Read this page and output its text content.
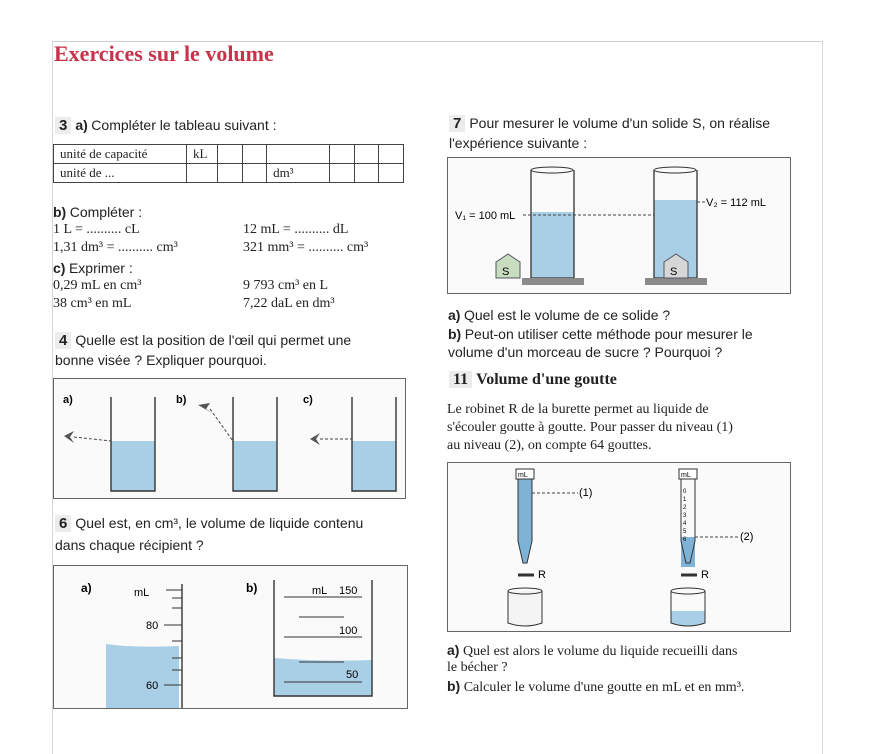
Exercices sur le volume
3 a) Compléter le tableau suivant :
unité de capacité	kL						
unité de ...				dm³			
b) Compléter :
1 L = .......... cL	12 mL = .......... dL
1,31 dm³ = .......... cm³	321 mm³ = .......... cm³
c) Exprimer :
0,29 mL en cm³	9 793 cm³ en L
38 cm³ en mL	7,22 daL en dm³
4 Quelle est la position de l'œil qui permet une
bonne visée ? Expliquer pourquoi.
a)	b)	c)
6 Quel est, en cm³, le volume de liquide contenu
dans chaque récipient ?
a)	mL
80
60
b)	mL 150
100
50
7 Pour mesurer le volume d'un solide S, on réalise
l'expérience suivante :
V₁ = 100 mL
V₂ = 112 mL
S	S
a) Quel est le volume de ce solide ?
b) Peut-on utiliser cette méthode pour mesurer le
volume d'un morceau de sucre ? Pourquoi ?
11 Volume d'une goutte
Le robinet R de la burette permet au liquide de
s'écouler goutte à goutte. Pour passer du niveau (1)
au niveau (2), on compte 64 gouttes.
mL
(1)
R
mL
0
1
2
3
4
5
6	(2)
R
a) Quel est alors le volume du liquide recueilli dans
le bécher ?
b) Calculer le volume d'une goutte en mL et en mm³.
